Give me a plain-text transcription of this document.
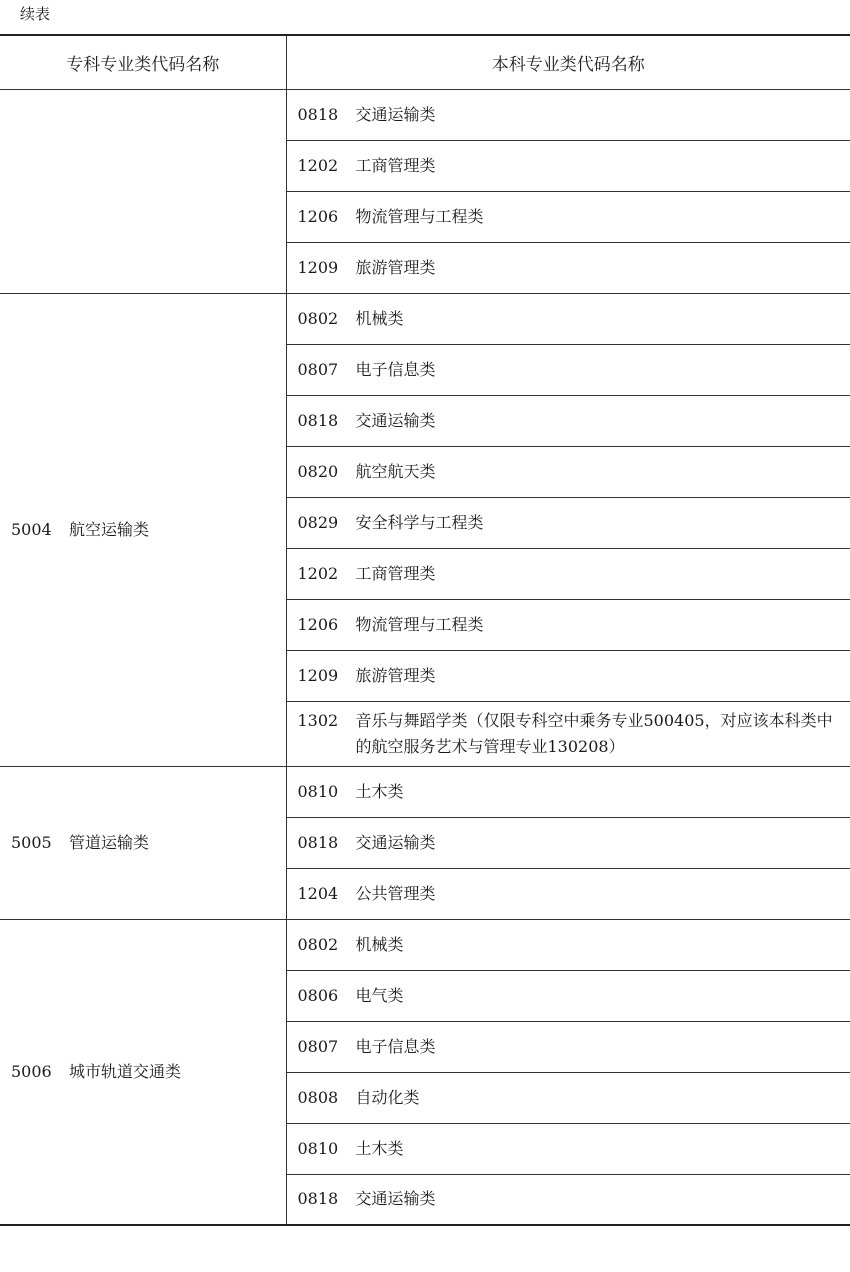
续表
专科专业类代码名称	本科专业类代码名称
	0818 交通运输类
	1202 工商管理类
	1206 物流管理与工程类
	1209 旅游管理类
5004 航空运输类	0802 机械类
	0807 电子信息类
	0818 交通运输类
	0820 航空航天类
	0829 安全科学与工程类
	1202 工商管理类
	1206 物流管理与工程类
	1209 旅游管理类

	1302 音乐与舞蹈学类（仅限专科空中乘务专业500405，对应该本科类中的航空服务艺术与管理专业130208）

5005 管道运输类	0810 土木类
	0818 交通运输类
	1204 公共管理类
5006 城市轨道交通类	0802 机械类
	0806 电气类
	0807 电子信息类
	0808 自动化类
	0810 土木类
	0818 交通运输类
